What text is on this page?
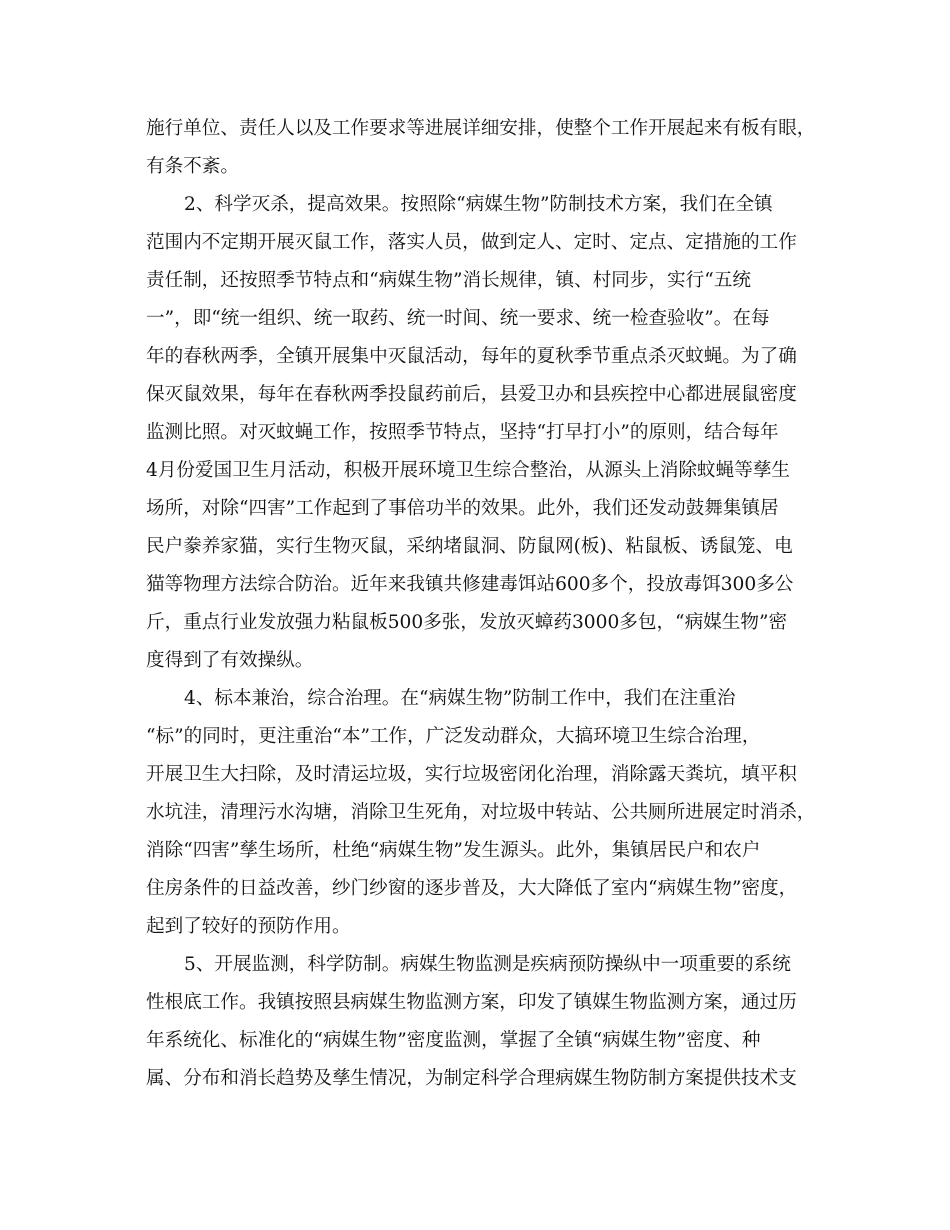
施行单位、责任人以及工作要求等进展详细安排，使整个工作开展起来有板有眼，

有条不紊。

2、科学灭杀，提高效果。按照除“病媒生物”防制技术方案，我们在全镇

范围内不定期开展灭鼠工作，落实人员，做到定人、定时、定点、定措施的工作

责任制，还按照季节特点和“病媒生物”消长规律，镇、村同步，实行“五统

一”，即“统一组织、统一取药、统一时间、统一要求、统一检查验收”。在每

年的春秋两季，全镇开展集中灭鼠活动，每年的夏秋季节重点杀灭蚊蝇。为了确

保灭鼠效果，每年在春秋两季投鼠药前后，县爱卫办和县疾控中心都进展鼠密度

监测比照。对灭蚊蝇工作，按照季节特点，坚持“打早打小”的原则，结合每年

4月份爱国卫生月活动，积极开展环境卫生综合整治，从源头上消除蚊蝇等孳生

场所，对除“四害”工作起到了事倍功半的效果。此外，我们还发动鼓舞集镇居

民户豢养家猫，实行生物灭鼠，采纳堵鼠洞、防鼠网(板)、粘鼠板、诱鼠笼、电

猫等物理方法综合防治。近年来我镇共修建毒饵站600多个，投放毒饵300多公

斤，重点行业发放强力粘鼠板500多张，发放灭蟑药3000多包，“病媒生物”密

度得到了有效操纵。

4、标本兼治，综合治理。在“病媒生物”防制工作中，我们在注重治

“标”的同时，更注重治“本”工作，广泛发动群众，大搞环境卫生综合治理，

开展卫生大扫除，及时清运垃圾，实行垃圾密闭化治理，消除露天粪坑，填平积

水坑洼，清理污水沟塘，消除卫生死角，对垃圾中转站、公共厕所进展定时消杀，

消除“四害”孳生场所，杜绝“病媒生物”发生源头。此外，集镇居民户和农户

住房条件的日益改善，纱门纱窗的逐步普及，大大降低了室内“病媒生物”密度，

起到了较好的预防作用。

5、开展监测，科学防制。病媒生物监测是疾病预防操纵中一项重要的系统

性根底工作。我镇按照县病媒生物监测方案，印发了镇媒生物监测方案，通过历

年系统化、标准化的“病媒生物”密度监测，掌握了全镇“病媒生物”密度、种

属、分布和消长趋势及孳生情况，为制定科学合理病媒生物防制方案提供技术支
